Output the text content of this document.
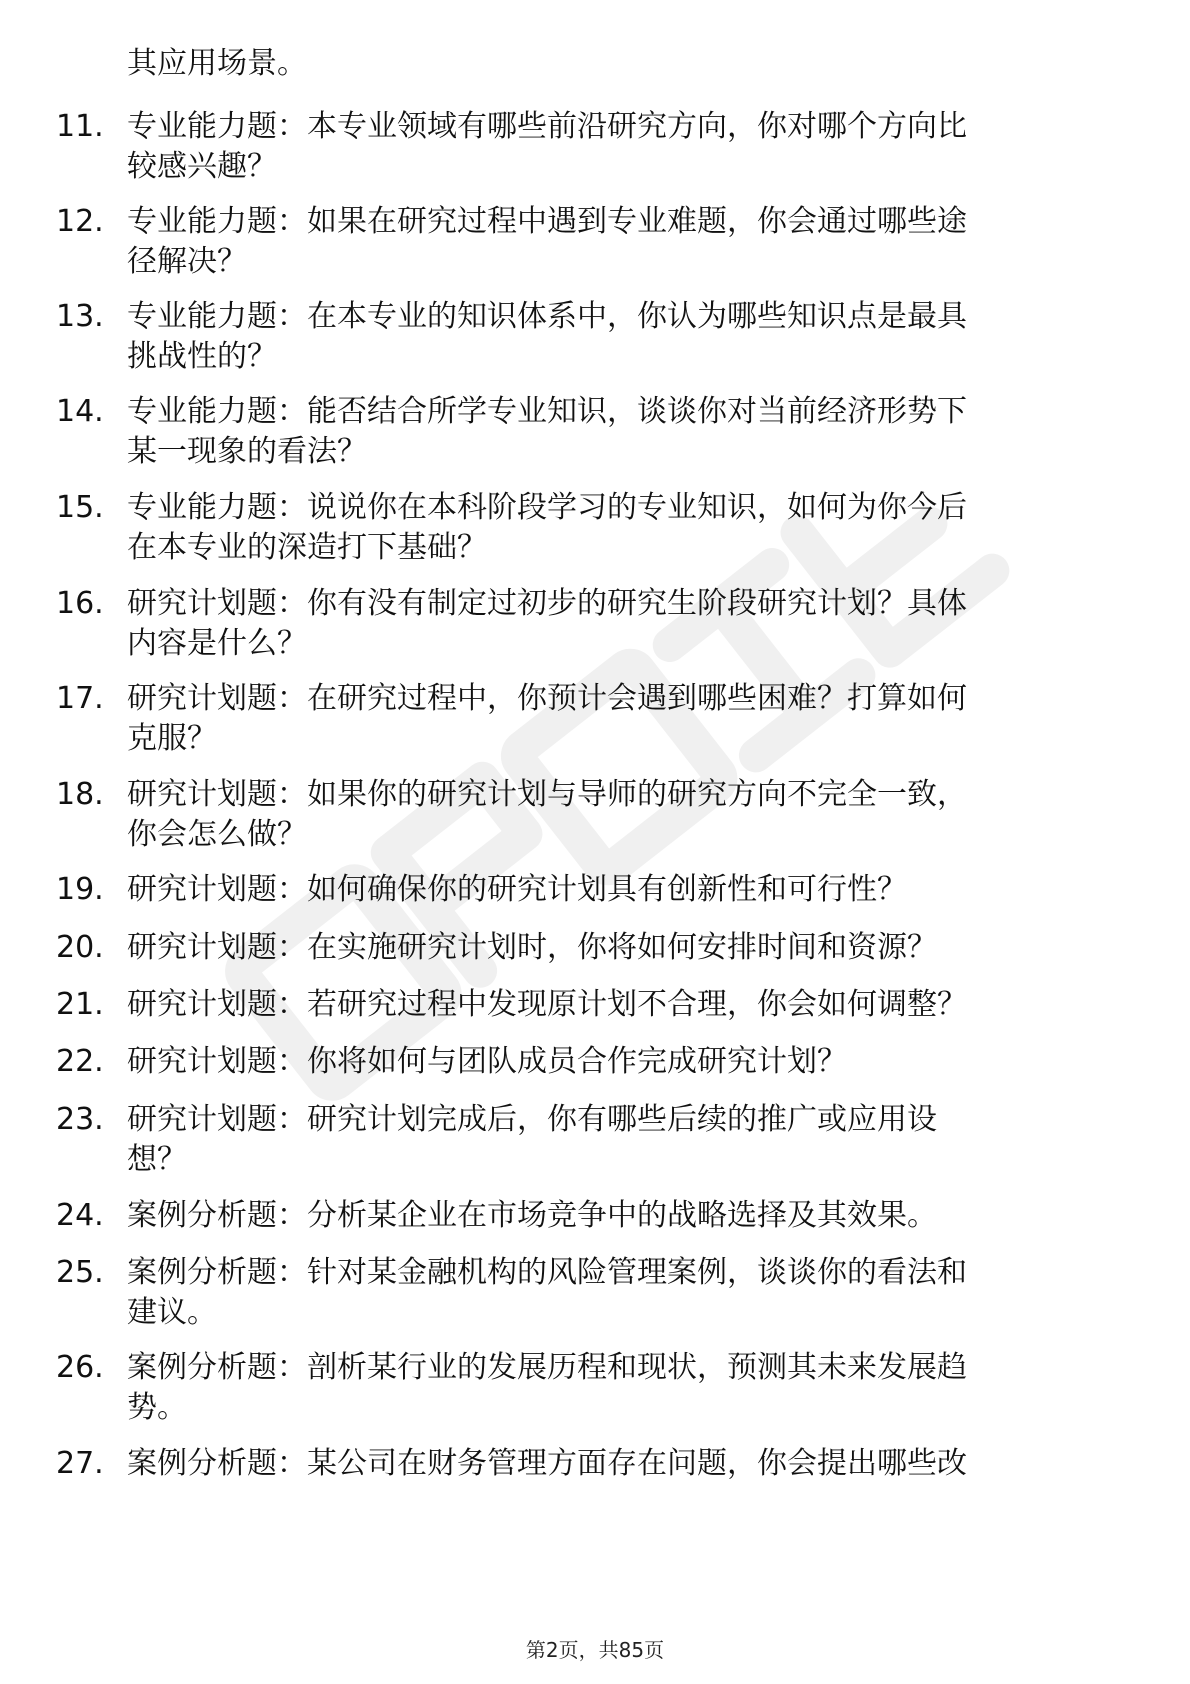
其应用场景。
11. 专业能力题：本专业领域有哪些前沿研究方向，你对哪个方向比
较感兴趣？
12. 专业能力题：如果在研究过程中遇到专业难题，你会通过哪些途
径解决？
13. 专业能力题：在本专业的知识体系中，你认为哪些知识点是最具
挑战性的？
14. 专业能力题：能否结合所学专业知识，谈谈你对当前经济形势下
某一现象的看法？
15. 专业能力题：说说你在本科阶段学习的专业知识，如何为你今后
在本专业的深造打下基础？
16. 研究计划题：你有没有制定过初步的研究生阶段研究计划？具体
内容是什么？
17. 研究计划题：在研究过程中，你预计会遇到哪些困难？打算如何
克服？
18. 研究计划题：如果你的研究计划与导师的研究方向不完全一致，
你会怎么做？
19. 研究计划题：如何确保你的研究计划具有创新性和可行性？
20. 研究计划题：在实施研究计划时，你将如何安排时间和资源？
21. 研究计划题：若研究过程中发现原计划不合理，你会如何调整？
22. 研究计划题：你将如何与团队成员合作完成研究计划？
23. 研究计划题：研究计划完成后，你有哪些后续的推广或应用设
想？
24. 案例分析题：分析某企业在市场竞争中的战略选择及其效果。
25. 案例分析题：针对某金融机构的风险管理案例，谈谈你的看法和
建议。
26. 案例分析题：剖析某行业的发展历程和现状，预测其未来发展趋
势。
27. 案例分析题：某公司在财务管理方面存在问题，你会提出哪些改
第2页，共85页
